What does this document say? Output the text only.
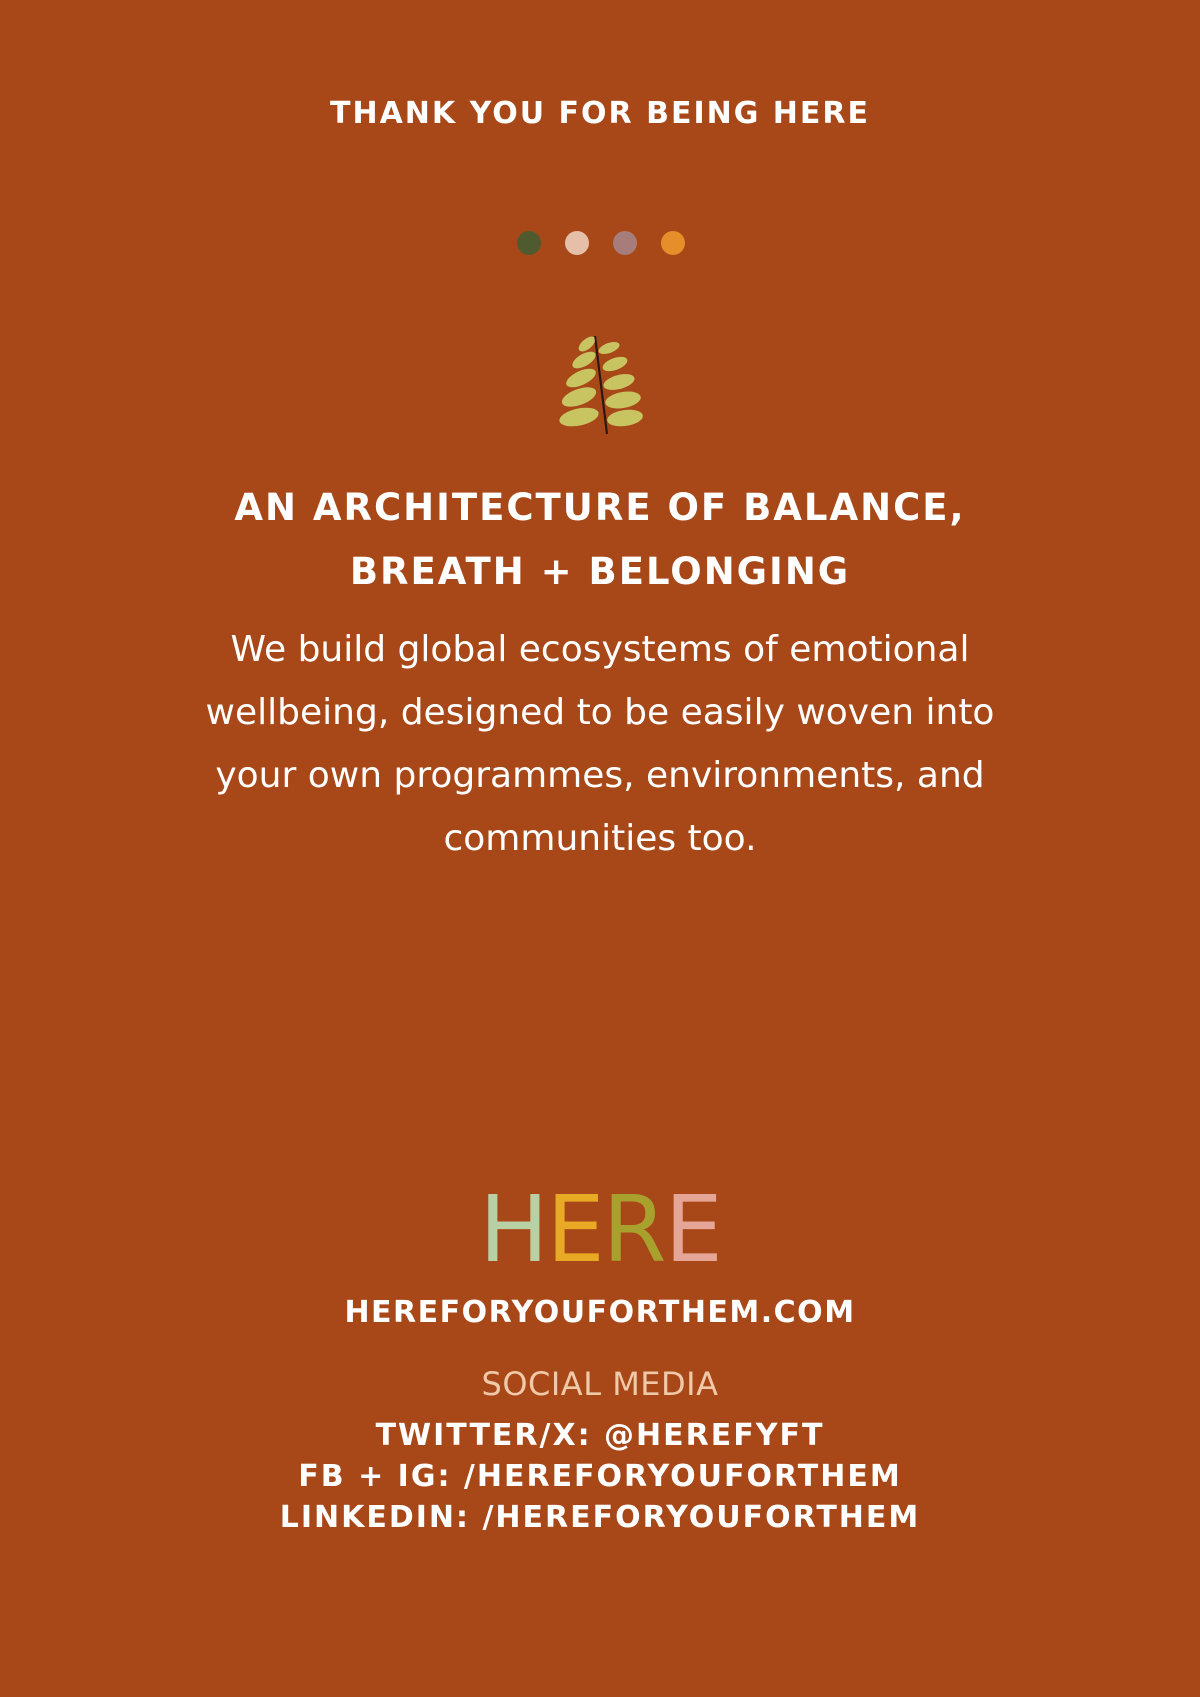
THANK YOU FOR BEING HERE
AN ARCHITECTURE OF BALANCE,
BREATH + BELONGING
We build global ecosystems of emotional
wellbeing, designed to be easily woven into
your own programmes, environments, and
communities too.
HERE
HEREFORYOUFORTHEM.COM
SOCIAL MEDIA
TWITTER/X: @HEREFYFT
FB + IG: /HEREFORYOUFORTHEM
LINKEDIN: /HEREFORYOUFORTHEM
